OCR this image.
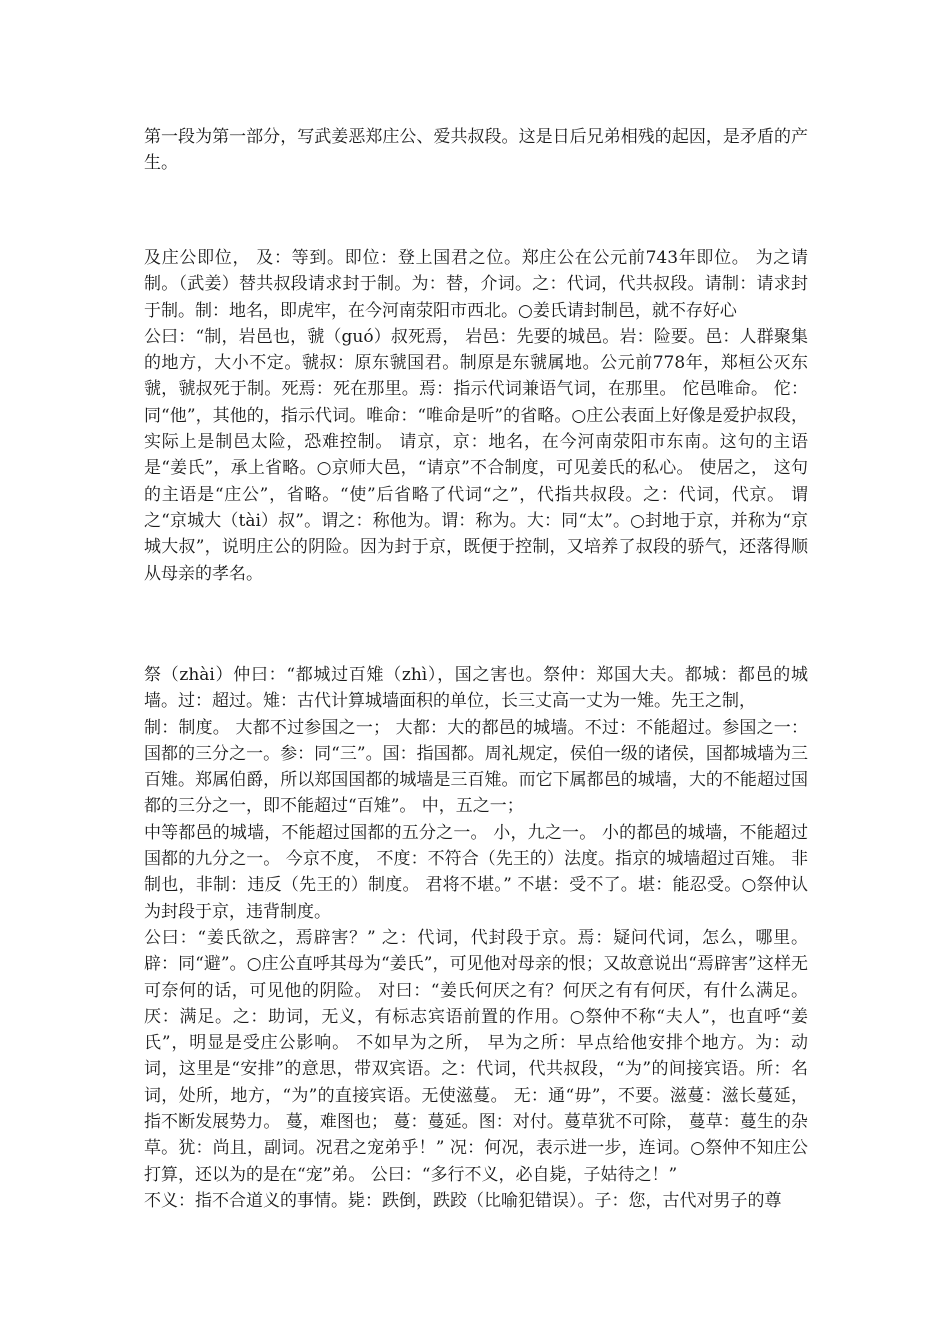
第一段为第一部分，写武姜恶郑庄公、爱共叔段。这是日后兄弟相残的起因，是矛盾的产生。

及庄公即位， 及：等到。即位：登上国君之位。郑庄公在公元前743年即位。 为之请制。（武姜）替共叔段请求封于制。为：替，介词。之：代词，代共叔段。请制：请求封于制。制：地名，即虎牢，在今河南荥阳市西北。○姜氏请封制邑，就不存好心
公曰：“制，岩邑也，虢（guó）叔死焉， 岩邑：先要的城邑。岩：险要。邑：人群聚集的地方，大小不定。虢叔：原东虢国君。制原是东虢属地。公元前778年，郑桓公灭东虢，虢叔死于制。死焉：死在那里。焉：指示代词兼语气词，在那里。 佗邑唯命。 佗：同“他”，其他的，指示代词。唯命：“唯命是听”的省略。○庄公表面上好像是爱护叔段，实际上是制邑太险，恐难控制。 请京，京：地名，在今河南荥阳市东南。这句的主语是“姜氏”，承上省略。○京师大邑，“请京”不合制度，可见姜氏的私心。 使居之， 这句的主语是“庄公”，省略。“使”后省略了代词“之”，代指共叔段。之：代词，代京。 谓之“京城大（tài）叔”。谓之：称他为。谓：称为。大：同“太”。○封地于京，并称为“京城大叔”，说明庄公的阴险。因为封于京，既便于控制，又培养了叔段的骄气，还落得顺从母亲的孝名。

祭（zhài）仲曰：“都城过百雉（zhì），国之害也。祭仲：郑国大夫。都城：都邑的城墙。过：超过。雉：古代计算城墙面积的单位，长三丈高一丈为一雉。先王之制，
制：制度。 大都不过参国之一； 大都：大的都邑的城墙。不过：不能超过。参国之一：国都的三分之一。参：同“三”。国：指国都。周礼规定，侯伯一级的诸侯，国都城墙为三百雉。郑属伯爵，所以郑国国都的城墙是三百雉。而它下属都邑的城墙，大的不能超过国都的三分之一，即不能超过“百雉”。 中，五之一；
中等都邑的城墙，不能超过国都的五分之一。 小，九之一。 小的都邑的城墙，不能超过国都的九分之一。 今京不度， 不度：不符合（先王的）法度。指京的城墙超过百雉。 非制也，非制：违反（先王的）制度。 君将不堪。” 不堪：受不了。堪：能忍受。○祭仲认为封段于京，违背制度。
公曰：“姜氏欲之，焉辟害？” 之：代词，代封段于京。焉：疑问代词，怎么，哪里。辟：同“避”。○庄公直呼其母为“姜氏”，可见他对母亲的恨；又故意说出“焉辟害”这样无可奈何的话，可见他的阴险。 对曰：“姜氏何厌之有？何厌之有有何厌，有什么满足。厌：满足。之：助词，无义，有标志宾语前置的作用。○祭仲不称“夫人”，也直呼“姜氏”，明显是受庄公影响。 不如早为之所， 早为之所：早点给他安排个地方。为：动词，这里是“安排”的意思，带双宾语。之：代词，代共叔段，“为”的间接宾语。所：名词，处所，地方，“为”的直接宾语。无使滋蔓。 无：通“毋”，不要。滋蔓：滋长蔓延，指不断发展势力。 蔓，难图也； 蔓：蔓延。图：对付。蔓草犹不可除， 蔓草：蔓生的杂草。犹：尚且，副词。况君之宠弟乎！” 况：何况，表示进一步，连词。○祭仲不知庄公打算，还以为的是在“宠”弟。 公曰：“多行不义，必自毙，子姑待之！”
不义：指不合道义的事情。毙：跌倒，跌跤（比喻犯错误）。子：您，古代对男子的尊
